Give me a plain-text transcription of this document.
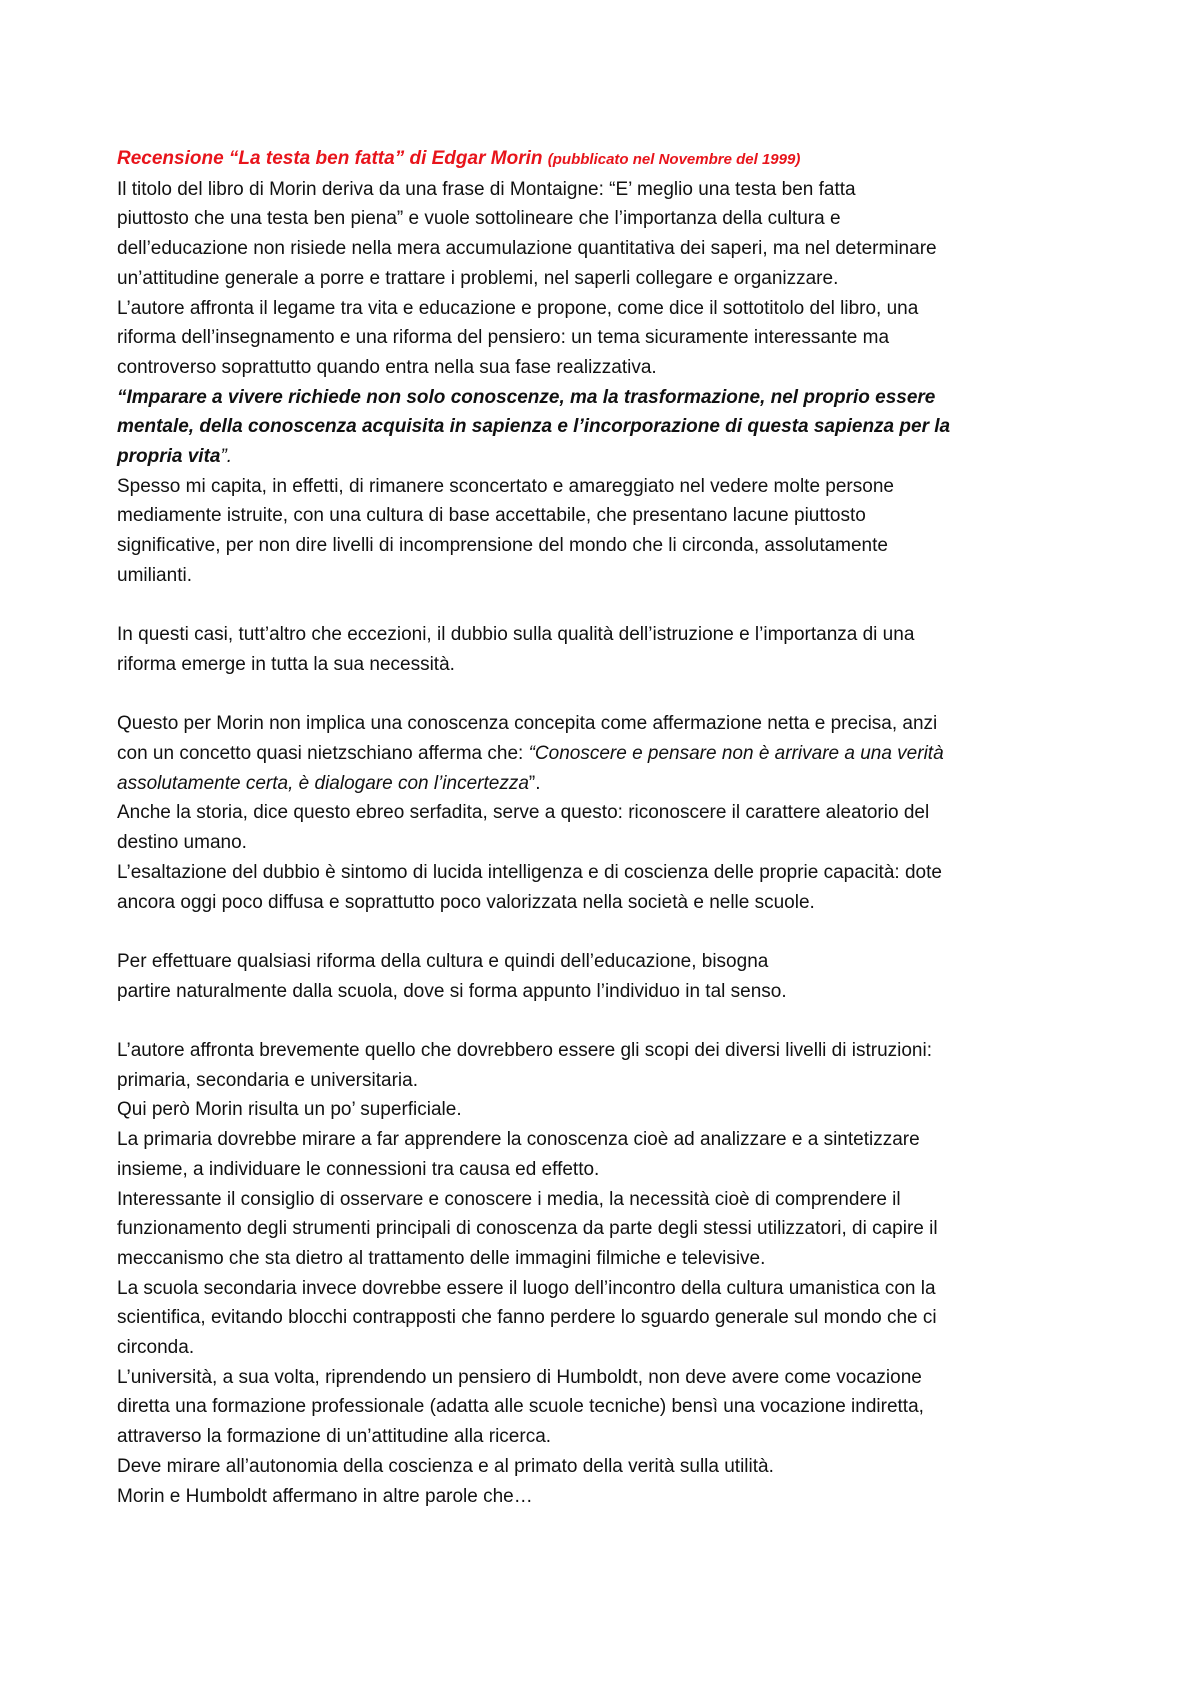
Recensione “La testa ben fatta” di Edgar Morin (pubblicato nel Novembre del 1999)
Il titolo del libro di Morin deriva da una frase di Montaigne: “E’ meglio una testa ben fatta
piuttosto che una testa ben piena” e vuole sottolineare che l’importanza della cultura e
dell’educazione non risiede nella mera accumulazione quantitativa dei saperi, ma nel determinare
un’attitudine generale a porre e trattare i problemi, nel saperli collegare e organizzare.
L’autore affronta il legame tra vita e educazione e propone, come dice il sottotitolo del libro, una
riforma dell’insegnamento e una riforma del pensiero: un tema sicuramente interessante ma
controverso soprattutto quando entra nella sua fase realizzativa.
“Imparare a vivere richiede non solo conoscenze, ma la trasformazione, nel proprio essere
mentale, della conoscenza acquisita in sapienza e l’incorporazione di questa sapienza per la
propria vita”.
Spesso mi capita, in effetti, di rimanere sconcertato e amareggiato nel vedere molte persone
mediamente istruite, con una cultura di base accettabile, che presentano lacune piuttosto
significative, per non dire livelli di incomprensione del mondo che li circonda, assolutamente
umilianti.
In questi casi, tutt’altro che eccezioni, il dubbio sulla qualità dell’istruzione e l’importanza di una
riforma emerge in tutta la sua necessità.
Questo per Morin non implica una conoscenza concepita come affermazione netta e precisa, anzi
con un concetto quasi nietzschiano afferma che: “Conoscere e pensare non è arrivare a una verità
assolutamente certa, è dialogare con l’incertezza”.
Anche la storia, dice questo ebreo serfadita, serve a questo: riconoscere il carattere aleatorio del
destino umano.
L’esaltazione del dubbio è sintomo di lucida intelligenza e di coscienza delle proprie capacità: dote
ancora oggi poco diffusa e soprattutto poco valorizzata nella società e nelle scuole.
Per effettuare qualsiasi riforma della cultura e quindi dell’educazione, bisogna
partire naturalmente dalla scuola, dove si forma appunto l’individuo in tal senso.
L’autore affronta brevemente quello che dovrebbero essere gli scopi dei diversi livelli di istruzioni:
primaria, secondaria e universitaria.
Qui però Morin risulta un po’ superficiale.
La primaria dovrebbe mirare a far apprendere la conoscenza cioè ad analizzare e a sintetizzare
insieme, a individuare le connessioni tra causa ed effetto.
Interessante il consiglio di osservare e conoscere i media, la necessità cioè di comprendere il
funzionamento degli strumenti principali di conoscenza da parte degli stessi utilizzatori, di capire il
meccanismo che sta dietro al trattamento delle immagini filmiche e televisive.
La scuola secondaria invece dovrebbe essere il luogo dell’incontro della cultura umanistica con la
scientifica, evitando blocchi contrapposti che fanno perdere lo sguardo generale sul mondo che ci
circonda.
L’università, a sua volta, riprendendo un pensiero di Humboldt, non deve avere come vocazione
diretta una formazione professionale (adatta alle scuole tecniche) bensì una vocazione indiretta,
attraverso la formazione di un’attitudine alla ricerca.
Deve mirare all’autonomia della coscienza e al primato della verità sulla utilità.
Morin e Humboldt affermano in altre parole che…
